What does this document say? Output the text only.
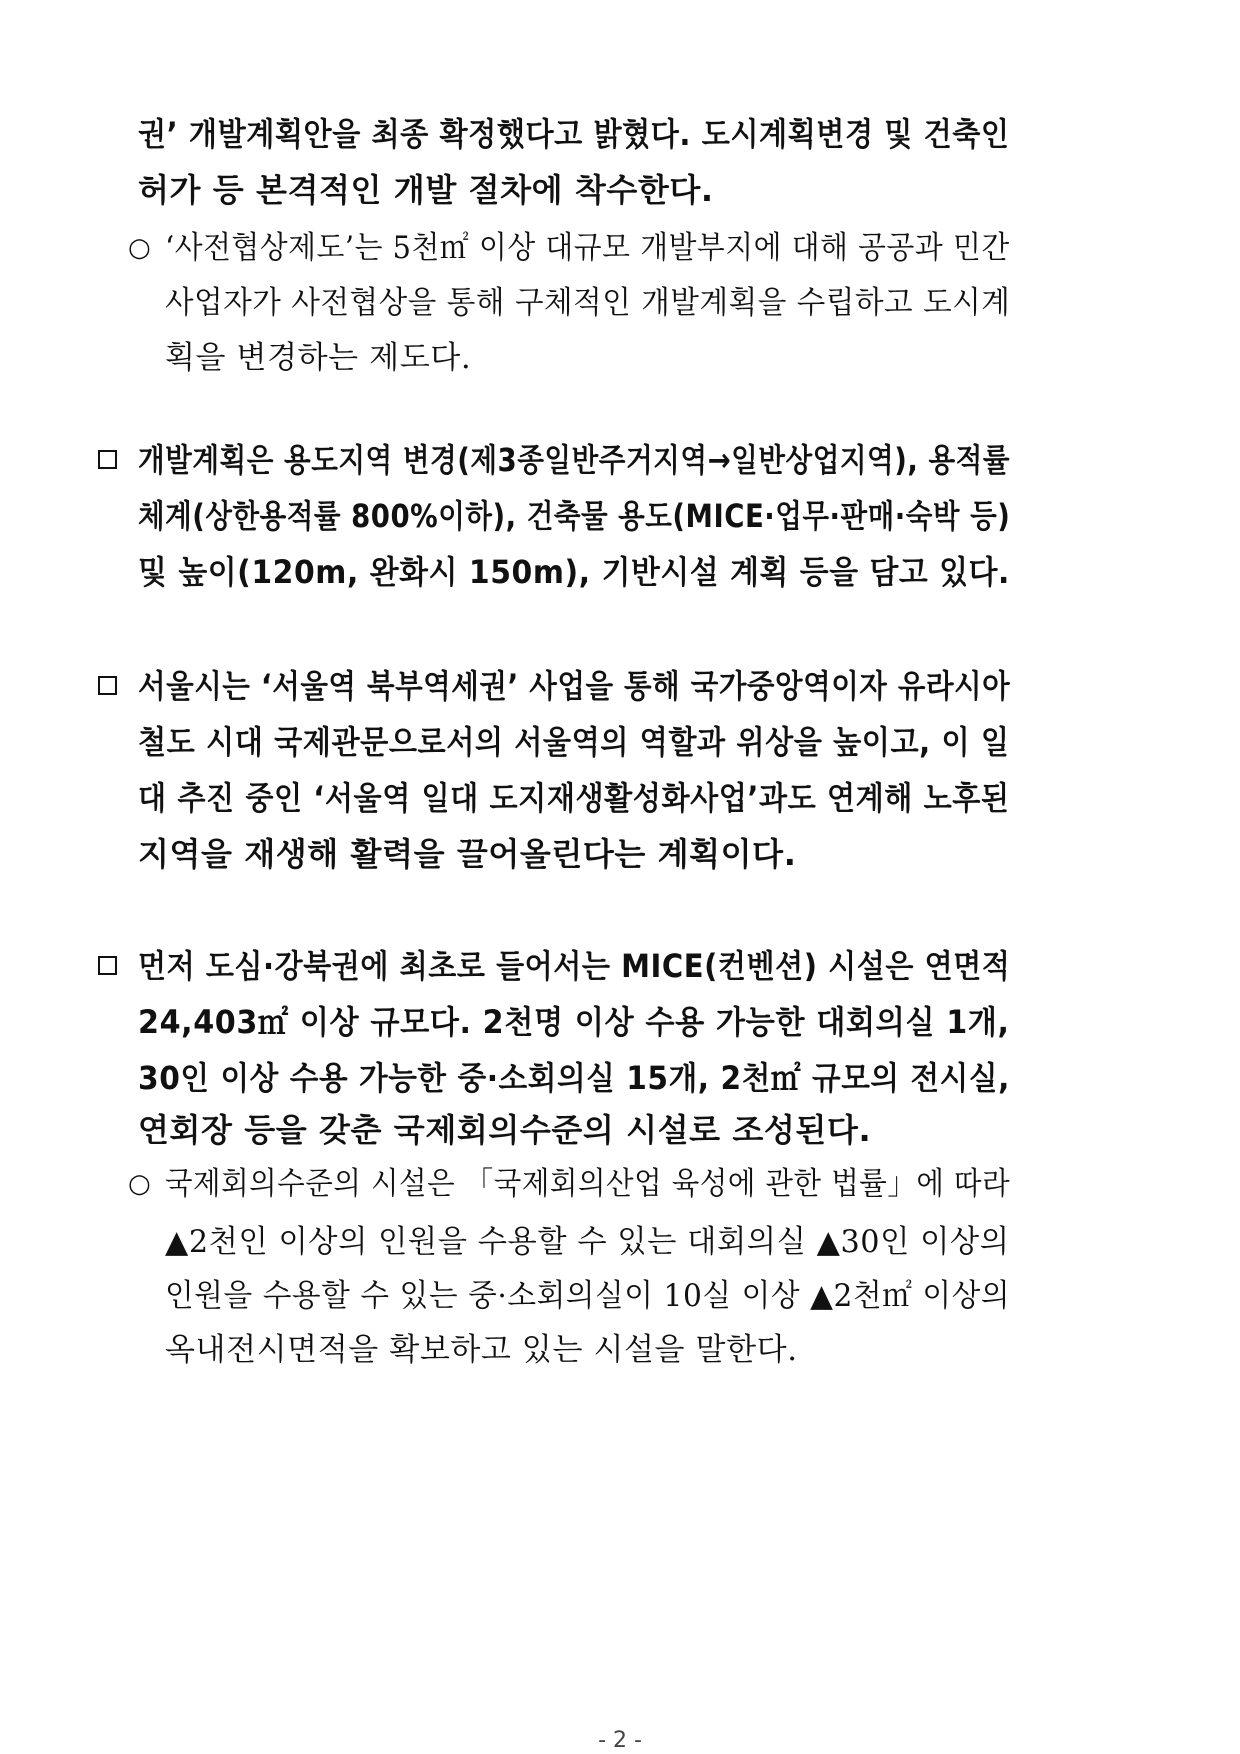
○
○
권’ 개발계획안을 최종 확정했다고 밝혔다. 도시계획변경 및 건축인
허가 등 본격적인 개발 절차에 착수한다.
‘사전협상제도’는 5천㎡ 이상 대규모 개발부지에 대해 공공과 민간
사업자가 사전협상을 통해 구체적인 개발계획을 수립하고 도시계
획을 변경하는 제도다.
개발계획은 용도지역 변경(제3종일반주거지역→일반상업지역), 용적률
체계(상한용적률 800%이하), 건축물 용도(MICE·업무·판매·숙박 등)
및 높이(120m, 완화시 150m), 기반시설 계획 등을 담고 있다.
서울시는 ‘서울역 북부역세권’ 사업을 통해 국가중앙역이자 유라시아
철도 시대 국제관문으로서의 서울역의 역할과 위상을 높이고, 이 일
대 추진 중인 ‘서울역 일대 도지재생활성화사업’과도 연계해 노후된
지역을 재생해 활력을 끌어올린다는 계획이다.
먼저 도심·강북권에 최초로 들어서는 MICE(컨벤션) 시설은 연면적
24,403㎡ 이상 규모다. 2천명 이상 수용 가능한 대회의실 1개,
30인 이상 수용 가능한 중·소회의실 15개, 2천㎡ 규모의 전시실,
연회장 등을 갖춘 국제회의수준의 시설로 조성된다.
국제회의수준의 시설은 「국제회의산업 육성에 관한 법률」에 따라
▲2천인 이상의 인원을 수용할 수 있는 대회의실 ▲30인 이상의
인원을 수용할 수 있는 중·소회의실이 10실 이상 ▲2천㎡ 이상의
옥내전시면적을 확보하고 있는 시설을 말한다.
- 2 -
